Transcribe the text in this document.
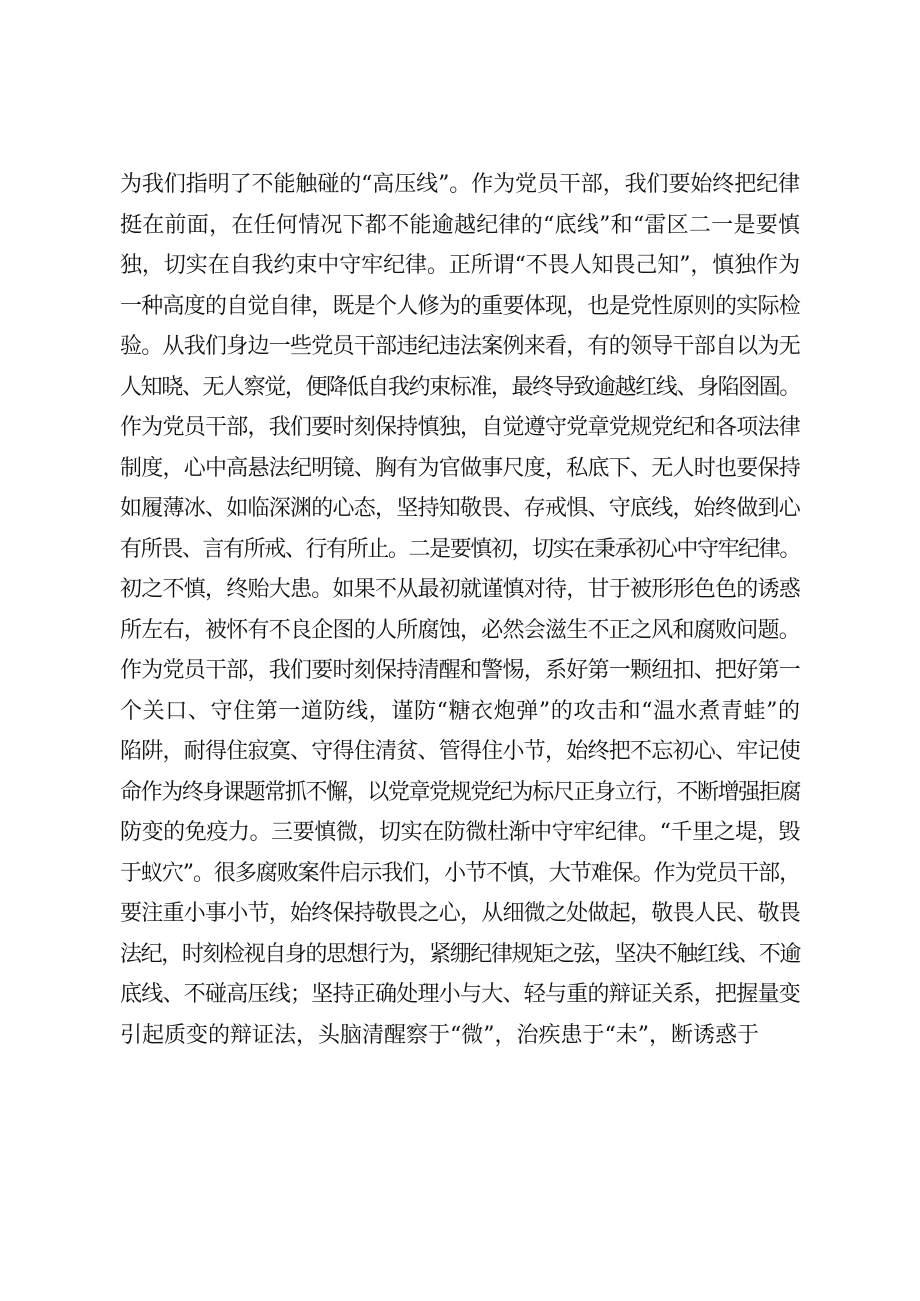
为我们指明了不能触碰的“高压线”。作为党员干部，我们要始终把纪律
挺在前面，在任何情况下都不能逾越纪律的“底线”和“雷区二一是要慎
独，切实在自我约束中守牢纪律。正所谓“不畏人知畏己知”，慎独作为
一种高度的自觉自律，既是个人修为的重要体现，也是党性原则的实际检
验。从我们身边一些党员干部违纪违法案例来看，有的领导干部自以为无
人知晓、无人察觉，便降低自我约束标准，最终导致逾越红线、身陷囹圄。
作为党员干部，我们要时刻保持慎独，自觉遵守党章党规党纪和各项法律
制度，心中高悬法纪明镜、胸有为官做事尺度，私底下、无人时也要保持
如履薄冰、如临深渊的心态，坚持知敬畏、存戒惧、守底线，始终做到心
有所畏、言有所戒、行有所止。二是要慎初，切实在秉承初心中守牢纪律。
初之不慎，终贻大患。如果不从最初就谨慎对待，甘于被形形色色的诱惑
所左右，被怀有不良企图的人所腐蚀，必然会滋生不正之风和腐败问题。
作为党员干部，我们要时刻保持清醒和警惕，系好第一颗纽扣、把好第一
个关口、守住第一道防线，谨防“糖衣炮弹”的攻击和“温水煮青蛙”的
陷阱，耐得住寂寞、守得住清贫、管得住小节，始终把不忘初心、牢记使
命作为终身课题常抓不懈，以党章党规党纪为标尺正身立行，不断增强拒腐
防变的免疫力。三要慎微，切实在防微杜渐中守牢纪律。“千里之堤，毁
于蚁穴”。很多腐败案件启示我们，小节不慎，大节难保。作为党员干部，
要注重小事小节，始终保持敬畏之心，从细微之处做起，敬畏人民、敬畏
法纪，时刻检视自身的思想行为，紧绷纪律规矩之弦，坚决不触红线、不逾
底线、不碰高压线；坚持正确处理小与大、轻与重的辩证关系，把握量变
引起质变的辩证法，头脑清醒察于“微”，治疾患于“未”，断诱惑于
